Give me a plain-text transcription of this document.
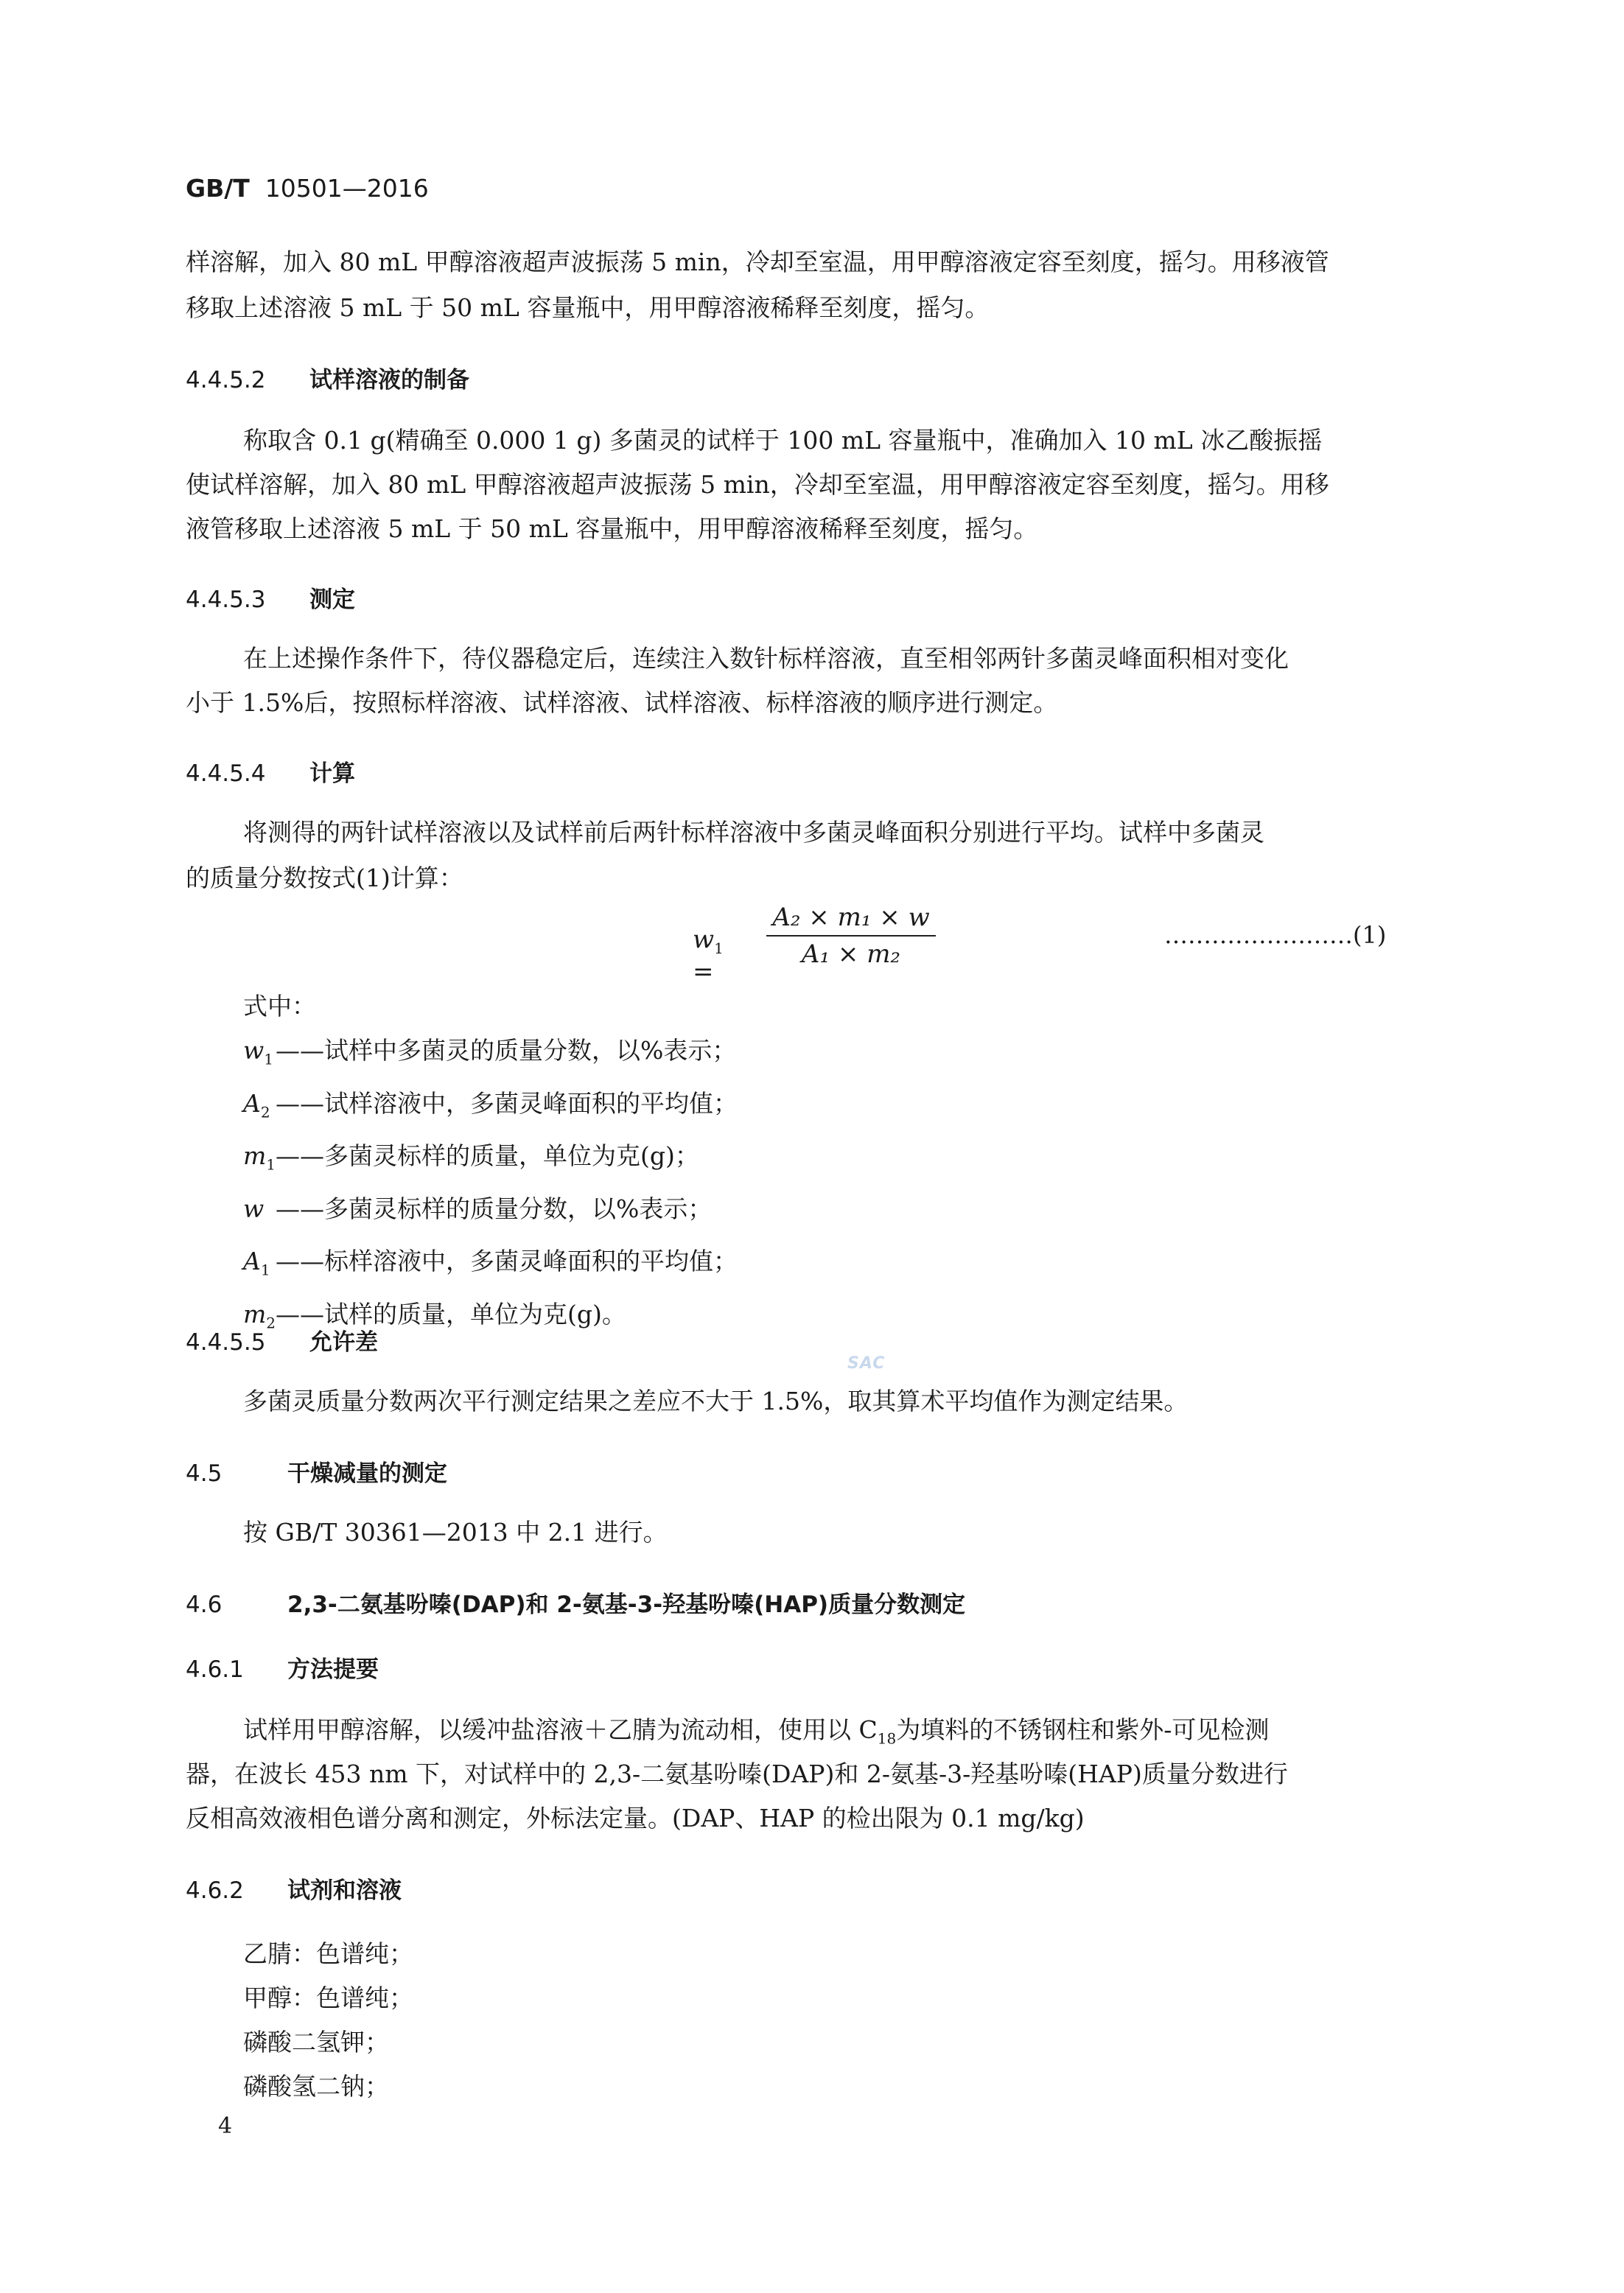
GB/T 10501—2016
样溶解，加入 80 mL 甲醇溶液超声波振荡 5 min，冷却至室温，用甲醇溶液定容至刻度，摇匀。用移液管
移取上述溶液 5 mL 于 50 mL 容量瓶中，用甲醇溶液稀释至刻度，摇匀。
4.4.5.2 试样溶液的制备
称取含 0.1 g(精确至 0.000 1 g) 多菌灵的试样于 100 mL 容量瓶中，准确加入 10 mL 冰乙酸振摇
使试样溶解，加入 80 mL 甲醇溶液超声波振荡 5 min，冷却至室温，用甲醇溶液定容至刻度，摇匀。用移
液管移取上述溶液 5 mL 于 50 mL 容量瓶中，用甲醇溶液稀释至刻度，摇匀。
4.4.5.3 测定
在上述操作条件下，待仪器稳定后，连续注入数针标样溶液，直至相邻两针多菌灵峰面积相对变化
小于 1.5%后，按照标样溶液、试样溶液、试样溶液、标样溶液的顺序进行测定。
4.4.5.4 计算
将测得的两针试样溶液以及试样前后两针标样溶液中多菌灵峰面积分别进行平均。试样中多菌灵
的质量分数按式(1)计算：
$w_1$ =
$\frac{\text{A₂ × m₁ × w}}{\text{A₁ × m₂}}$	……………………(1)
式中：
$w_1——$试样中多菌灵的质量分数，以%表示；
$A_2$ ——试样溶液中，多菌灵峰面积的平均值；
$m_1——$多菌灵标样的质量，单位为克(g)；
w ——多菌灵标样的质量分数，以%表示；
$A_1$ ——标样溶液中，多菌灵峰面积的平均值；
$m_2——$试样的质量，单位为克(g)。
4.4.5.5 允许差
SAC
多菌灵质量分数两次平行测定结果之差应不大于 1.5%，取其算术平均值作为测定结果。
4.5	干燥减量的测定
按 GB/T 30361—2013 中 2.1 进行。
4.6	2,3-二氨基吩嗪(DAP)和 2-氨基-3-羟基吩嗪(HAP)质量分数测定
4.6.1 方法提要
试样用甲醇溶解，以缓冲盐溶液＋乙腈为流动相，使用以 $C_{18}$为填料的不锈钢柱和紫外-可见检测
器，在波长 453 nm 下，对试样中的 2,3-二氨基吩嗪(DAP)和 2-氨基-3-羟基吩嗪(HAP)质量分数进行
反相高效液相色谱分离和测定，外标法定量。(DAP、HAP 的检出限为 0.1 mg/kg)
4.6.2 试剂和溶液
乙腈：色谱纯；
甲醇：色谱纯；
磷酸二氢钾；
磷酸氢二钠；
4
